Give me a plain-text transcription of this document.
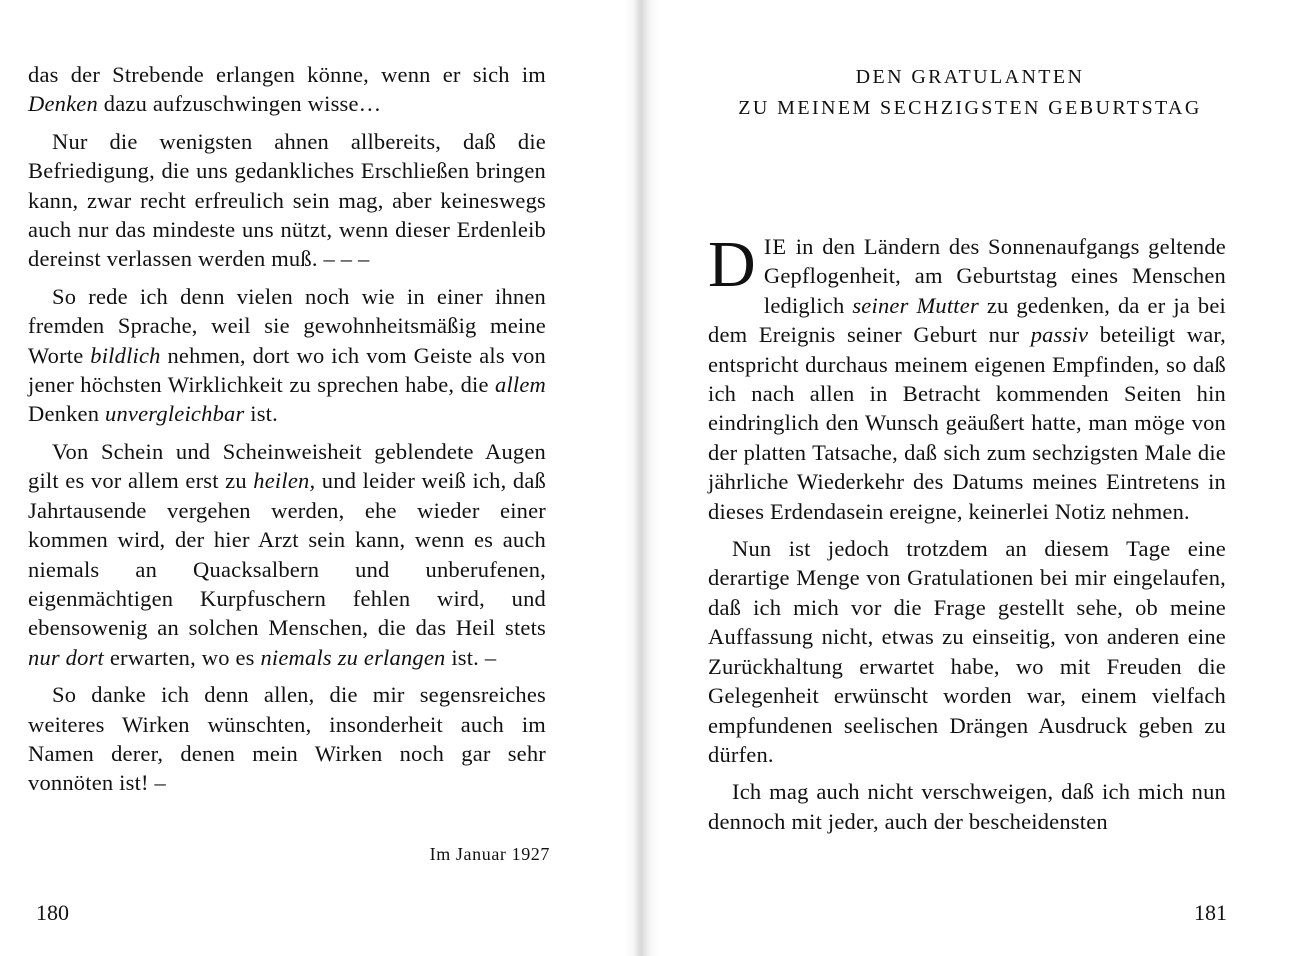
das der Strebende erlangen könne, wenn er sich im Denken dazu aufzuschwingen wisse…

Nur die wenigsten ahnen allbereits, daß die Befriedigung, die uns gedankliches Erschließen bringen kann, zwar recht erfreulich sein mag, aber keineswegs auch nur das mindeste uns nützt, wenn dieser Erdenleib dereinst verlassen werden muß. – – –

So rede ich denn vielen noch wie in einer ihnen fremden Sprache, weil sie gewohnheitsmäßig meine Worte bildlich nehmen, dort wo ich vom Geiste als von jener höchsten Wirklichkeit zu sprechen habe, die allem Denken unvergleichbar ist.

Von Schein und Scheinweisheit geblendete Augen gilt es vor allem erst zu heilen, und leider weiß ich, daß Jahrtausende vergehen werden, ehe wieder einer kommen wird, der hier Arzt sein kann, wenn es auch niemals an Quacksalbern und unberufenen, eigenmächtigen Kurpfuschern fehlen wird, und ebensowenig an solchen Menschen, die das Heil stets nur dort erwarten, wo es niemals zu erlangen ist. –

So danke ich denn allen, die mir segensreiches weiteres Wirken wünschten, insonderheit auch im Namen derer, denen mein Wirken noch gar sehr vonnöten ist! –

Im Januar 1927
180
DEN GRATULANTEN
ZU MEINEM SECHZIGSTEN GEBURTSTAG

DIE in den Ländern des Sonnenaufgangs geltende Gepflogenheit, am Geburtstag eines Menschen lediglich seiner Mutter zu gedenken, da er ja bei dem Ereignis seiner Geburt nur passiv beteiligt war, entspricht durchaus meinem eigenen Empfinden, so daß ich nach allen in Betracht kommenden Seiten hin eindringlich den Wunsch geäußert hatte, man möge von der platten Tatsache, daß sich zum sechzigsten Male die jährliche Wiederkehr des Datums meines Eintretens in dieses Erdendasein ereigne, keinerlei Notiz nehmen.

Nun ist jedoch trotzdem an diesem Tage eine derartige Menge von Gratulationen bei mir eingelaufen, daß ich mich vor die Frage gestellt sehe, ob meine Auffassung nicht, etwas zu einseitig, von anderen eine Zurückhaltung erwartet habe, wo mit Freuden die Gelegenheit erwünscht worden war, einem vielfach empfundenen seelischen Drängen Ausdruck geben zu dürfen.

Ich mag auch nicht verschweigen, daß ich mich nun dennoch mit jeder, auch der bescheidensten

181
